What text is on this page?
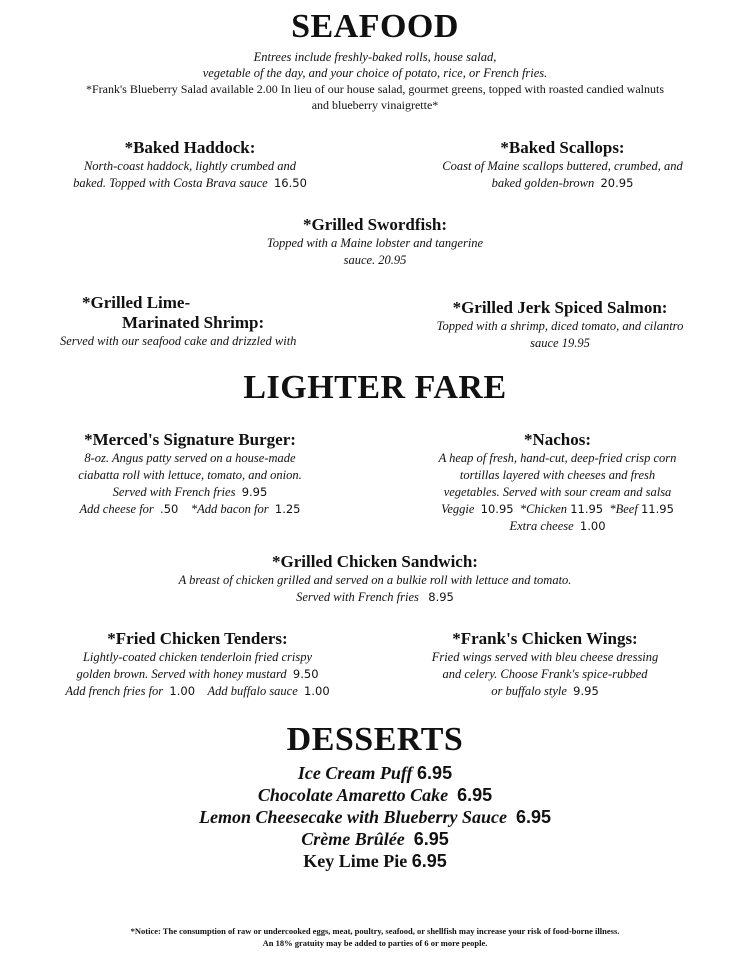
SEAFOOD
Entrees include freshly-baked rolls, house salad,
vegetable of the day, and your choice of potato, rice, or French fries.
*Frank's Blueberry Salad available 2.00 In lieu of our house salad, gourmet greens, topped with roasted candied walnuts
and blueberry vinaigrette*
*Baked Haddock:
North-coast haddock, lightly crumbed and
baked. Topped with Costa Brava sauce 16.50
*Baked Scallops:
Coast of Maine scallops buttered, crumbed, and
baked golden-brown 20.95
*Grilled Swordfish:
Topped with a Maine lobster and tangerine
sauce. 20.95
*Grilled Lime-
Marinated Shrimp:
Served with our seafood cake and drizzled with
*Grilled Jerk Spiced Salmon:
Topped with a shrimp, diced tomato, and cilantro
sauce 19.95
LIGHTER FARE
*Merced's Signature Burger:
8-oz. Angus patty served on a house-made
ciabatta roll with lettuce, tomato, and onion.
Served with French fries 9.95
Add cheese for .50 *Add bacon for 1.25
*Nachos:
A heap of fresh, hand-cut, deep-fried crisp corn
tortillas layered with cheeses and fresh
vegetables. Served with sour cream and salsa
Veggie 10.95 *Chicken 11.95 *Beef 11.95
Extra cheese 1.00
*Grilled Chicken Sandwich:
A breast of chicken grilled and served on a bulkie roll with lettuce and tomato.
Served with French fries 8.95
*Fried Chicken Tenders:
Lightly-coated chicken tenderloin fried crispy
golden brown. Served with honey mustard 9.50
Add french fries for 1.00 Add buffalo sauce 1.00
*Frank's Chicken Wings:
Fried wings served with bleu cheese dressing
and celery. Choose Frank's spice-rubbed
or buffalo style 9.95
DESSERTS
Ice Cream Puff 6.95
Chocolate Amaretto Cake 6.95
Lemon Cheesecake with Blueberry Sauce 6.95
Crème Brûlée 6.95
Key Lime Pie 6.95
*Notice: The consumption of raw or undercooked eggs, meat, poultry, seafood, or shellfish may increase your risk of food-borne illness.
An 18% gratuity may be added to parties of 6 or more people.
